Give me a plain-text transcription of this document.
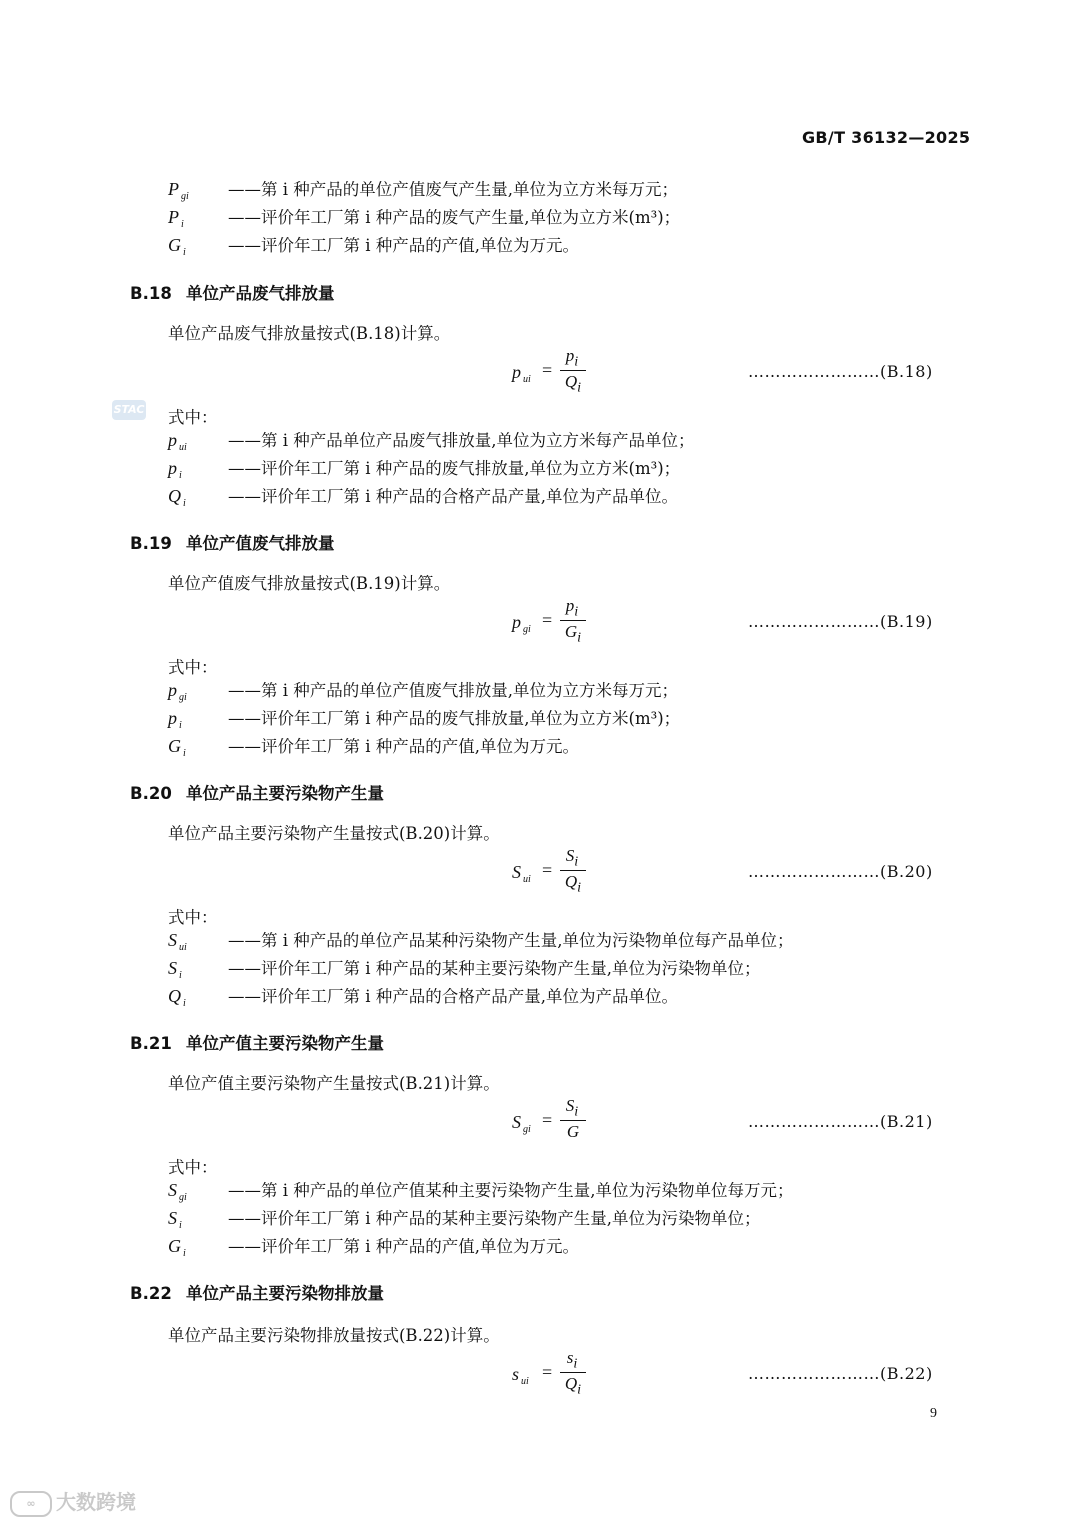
GB/T 36132—2025
P $_{gi}$ ——第 i 种产品的单位产值废气产生量,单位为立方米每万元；
P $_i$	——评价年工厂第 i 种产品的废气产生量,单位为立方米(m³)；
G $_i$	——评价年工厂第 i 种产品的产值,单位为万元。
STAC
B.18 单位产品废气排放量
单位产品废气排放量按式(B.18)计算。
p $_{ui}$ =
$p_i$
$Q_i$
……………………(B.18)
式中：
p $_{ui}$ ——第 i 种产品单位产品废气排放量,单位为立方米每产品单位；
p $_i$	——评价年工厂第 i 种产品的废气排放量,单位为立方米(m³)；
Q $_i$	——评价年工厂第 i 种产品的合格产品产量,单位为产品单位。
B.19 单位产值废气排放量
单位产值废气排放量按式(B.19)计算。
p $_{gi}$ =
$p_i$
$G_i$
……………………(B.19)
式中：
p $_{gi}$ ——第 i 种产品的单位产值废气排放量,单位为立方米每万元；
p $_i$	——评价年工厂第 i 种产品的废气排放量,单位为立方米(m³)；
G $_i$	——评价年工厂第 i 种产品的产值,单位为万元。
B.20 单位产品主要污染物产生量
单位产品主要污染物产生量按式(B.20)计算。
S $_{ui}$ =
$S_i$
$Q_i$
……………………(B.20)
式中：
S $_{ui}$ ——第 i 种产品的单位产品某种污染物产生量,单位为污染物单位每产品单位；
S $_i$	——评价年工厂第 i 种产品的某种主要污染物产生量,单位为污染物单位；
Q $_i$	——评价年工厂第 i 种产品的合格产品产量,单位为产品单位。
B.21 单位产值主要污染物产生量
单位产值主要污染物产生量按式(B.21)计算。
S $_{gi}$ =
$S_i$
G
……………………(B.21)
式中：
S $_{gi}$ ——第 i 种产品的单位产值某种主要污染物产生量,单位为污染物单位每万元；
S $_i$	——评价年工厂第 i 种产品的某种主要污染物产生量,单位为污染物单位；
G $_i$	——评价年工厂第 i 种产品的产值,单位为万元。
B.22 单位产品主要污染物排放量
单位产品主要污染物排放量按式(B.22)计算。
s $_{ui}$ =
$s_i$
$Q_i$
……………………(B.22)
9
∞ 大数跨境
